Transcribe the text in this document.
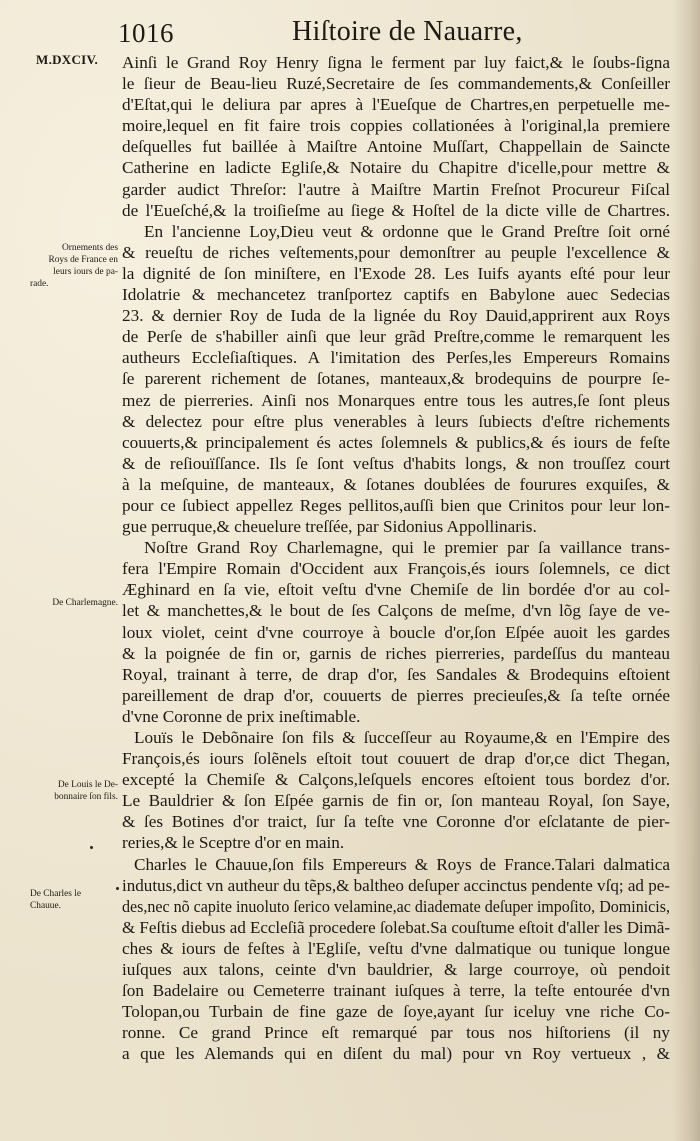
1016	Hiſtoire de Nauarre,
M.DXCIV.
Ornements des
Roys de France en
leurs iours de pa-
rade.
De Charlemagne.
De Louis le De-
bonnaire ſon fils.
De Charles le
Chauue.
Ainſi le Grand Roy Henry ſigna le ferment par luy faict,& le ſoubs-ſigna
le ſieur de Beau-lieu Ruzé,Secretaire de ſes commandements,& Conſeiller
d'Eſtat,qui le deliura par apres à l'Eueſque de Chartres,en perpetuelle me-
moire,lequel en fit faire trois coppies collationées à l'original,la premiere
deſquelles fut baillée à Maiſtre Antoine Muſſart, Chappellain de Saincte
Catherine en ladicte Egliſe,& Notaire du Chapitre d'icelle,pour mettre &
garder audict Threſor: l'autre à Maiſtre Martin Freſnot Procureur Fiſcal
de l'Eueſché,& la troiſieſme au ſiege & Hoſtel de la dicte ville de Chartres.
En l'ancienne Loy,Dieu veut & ordonne que le Grand Preſtre ſoit orné
& reueſtu de riches veſtements,pour demonſtrer au peuple l'excellence &
la dignité de ſon miniſtere, en l'Exode 28. Les Iuifs ayants eſté pour leur
Idolatrie & mechancetez tranſportez captifs en Babylone auec Sedecias
23. & dernier Roy de Iuda de la lignée du Roy Dauid,apprirent aux Roys
de Perſe de s'habiller ainſi que leur grãd Preſtre,comme le remarquent les
autheurs Eccleſiaſtiques. A l'imitation des Perſes,les Empereurs Romains
ſe parerent richement de ſotanes, manteaux,& brodequins de pourpre ſe-
mez de pierreries. Ainſi nos Monarques entre tous les autres,ſe ſont pleus
& delectez pour eſtre plus venerables à leurs ſubiects d'eſtre richements
couuerts,& principalement és actes ſolemnels & publics,& és iours de feſte
& de reſiouïſſance. Ils ſe ſont veſtus d'habits longs, & non trouſſez court
à la meſquine, de manteaux, & ſotanes doublées de fourures exquiſes, &
pour ce ſubiect appellez Reges pellitos,auſſi bien que Crinitos pour leur lon-
gue perruque,& cheuelure treſſée, par Sidonius Appollinaris.
Noſtre Grand Roy Charlemagne, qui le premier par ſa vaillance trans-
fera l'Empire Romain d'Occident aux François,és iours ſolemnels, ce dict
Æghinard en ſa vie, eſtoit veſtu d'vne Chemiſe de lin bordée d'or au col-
let & manchettes,& le bout de ſes Calçons de meſme, d'vn lõg ſaye de ve-
loux violet, ceint d'vne courroye à boucle d'or,ſon Eſpée auoit les gardes
& la poignée de fin or, garnis de riches pierreries, pardeſſus du manteau
Royal, trainant à terre, de drap d'or, ſes Sandales & Brodequins eſtoient
pareillement de drap d'or, couuerts de pierres precieuſes,& ſa teſte ornée
d'vne Coronne de prix ineſtimable.
Louïs le Debõnaire ſon fils & ſucceſſeur au Royaume,& en l'Empire des
François,és iours ſolẽnels eſtoit tout couuert de drap d'or,ce dict Thegan,
excepté la Chemiſe & Calçons,leſquels encores eſtoient tous bordez d'or.
Le Bauldrier & ſon Eſpée garnis de fin or, ſon manteau Royal, ſon Saye,
& ſes Botines d'or traict, ſur ſa teſte vne Coronne d'or eſclatante de pier-
reries,& le Sceptre d'or en main.
Charles le Chauue,ſon fils Empereurs & Roys de France.Talari dalmatica
indutus,dict vn autheur du tẽps,& baltheo deſuper accinctus pendente vſq; ad pe-
des,nec nõ capite inuoluto ſerico velamine,ac diademate deſuper impoſito, Dominicis,
& Feſtis diebus ad Eccleſiã procedere ſolebat.Sa couſtume eſtoit d'aller les Dimã-
ches & iours de feſtes à l'Egliſe, veſtu d'vne dalmatique ou tunique longue
iuſques aux talons, ceinte d'vn bauldrier, & large courroye, où pendoit
ſon Badelaire ou Cemeterre trainant iuſques à terre, la teſte entourée d'vn
Tolopan,ou Turbain de fine gaze de ſoye,ayant ſur iceluy vne riche Co-
ronne. Ce grand Prince eſt remarqué par tous nos hiſtoriens (il ny
a que les Alemands qui en diſent du mal) pour vn Roy vertueux , &
